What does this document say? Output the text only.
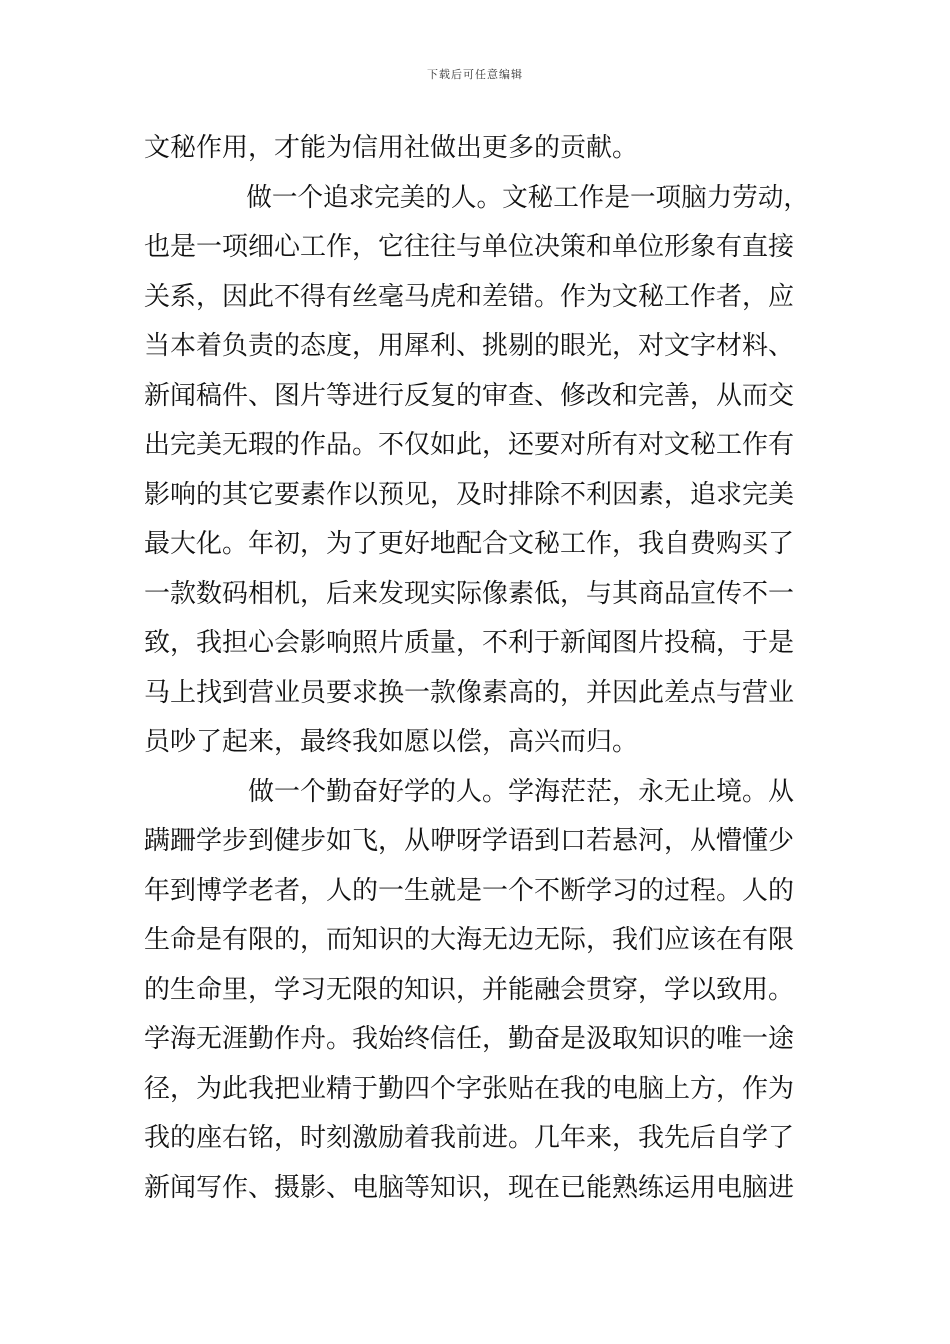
下载后可任意编辑
文秘作用，才能为信用社做出更多的贡献。
做一个追求完美的人。文秘工作是一项脑力劳动，
也是一项细心工作，它往往与单位决策和单位形象有直接
关系，因此不得有丝毫马虎和差错。作为文秘工作者，应
当本着负责的态度，用犀利、挑剔的眼光，对文字材料、
新闻稿件、图片等进行反复的审查、修改和完善，从而交
出完美无瑕的作品。不仅如此，还要对所有对文秘工作有
影响的其它要素作以预见，及时排除不利因素，追求完美
最大化。年初，为了更好地配合文秘工作，我自费购买了
一款数码相机，后来发现实际像素低，与其商品宣传不一
致，我担心会影响照片质量，不利于新闻图片投稿，于是
马上找到营业员要求换一款像素高的，并因此差点与营业
员吵了起来，最终我如愿以偿，高兴而归。
做一个勤奋好学的人。学海茫茫，永无止境。从
蹒跚学步到健步如飞，从咿呀学语到口若悬河，从懵懂少
年到博学老者，人的一生就是一个不断学习的过程。人的
生命是有限的，而知识的大海无边无际，我们应该在有限
的生命里，学习无限的知识，并能融会贯穿，学以致用。
学海无涯勤作舟。我始终信任，勤奋是汲取知识的唯一途
径，为此我把业精于勤四个字张贴在我的电脑上方，作为
我的座右铭，时刻激励着我前进。几年来，我先后自学了
新闻写作、摄影、电脑等知识，现在已能熟练运用电脑进
